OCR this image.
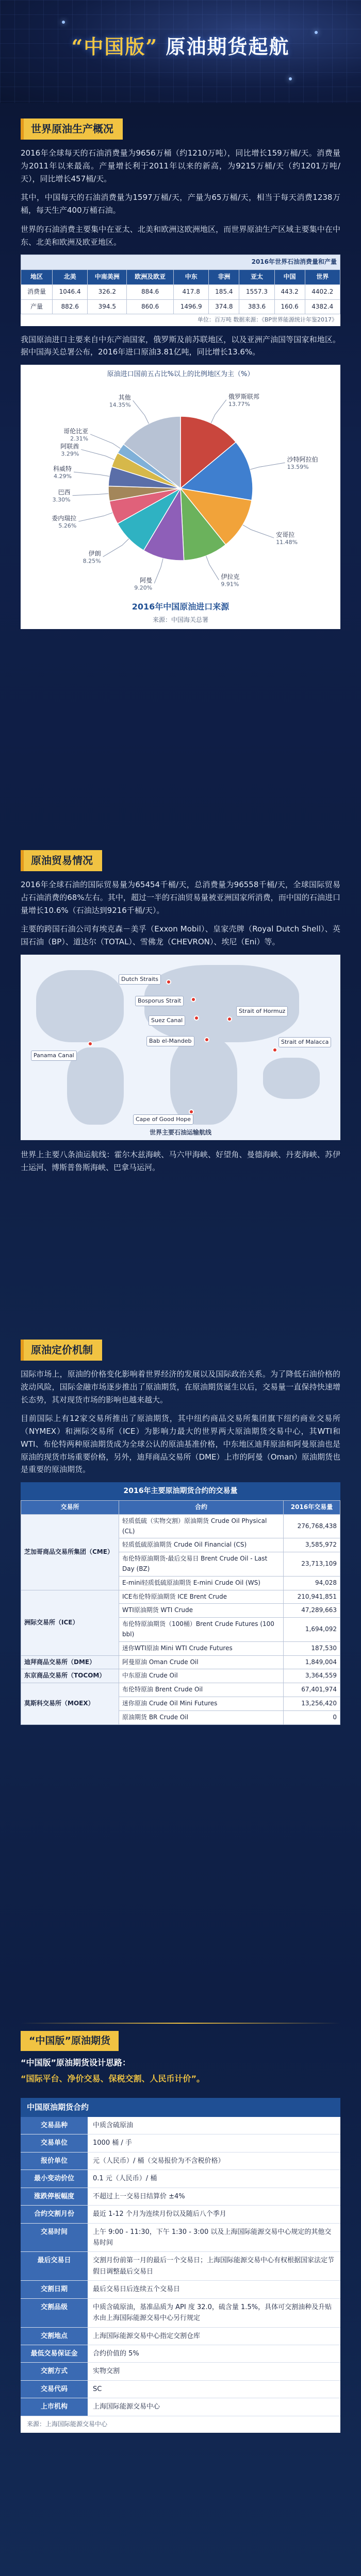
“中国版” 原油期货起航
世界原油生产概况

2016年全球每天的石油消费量为9656万桶（约1210万吨），同比增长159万桶/天。消费量为2011年以来最高。产量增长利于2011年以来的新高，为9215万桶/天（约1201万吨/天），同比增长457桶/天。

其中，中国每天的石油消费量为1597万桶/天，产量为65万桶/天，相当于每天消费1238万桶，每天生产400万桶石油。

世界的石油消费主要集中在亚太、北美和欧洲这欧洲地区，而世界原油生产区域主要集中在中东、北美和欧洲及欧亚地区。

2016年世界石油消费量和产量								
地区	北美	中南美洲	欧洲及欧亚	中东	非洲	亚太	中国	世界
消费量	1046.4	326.2	884.6	417.8	185.4	1557.3	443.2	4402.2
产量	882.6	394.5	860.6	1496.9	374.8	383.6	160.6	4382.4
单位：百万吨 数据来源：《BP世界能源统计年鉴2017》

我国原油进口主要来自中东产油国家，俄罗斯及前苏联地区，以及亚洲产油国等国家和地区。据中国海关总署公布，2016年进口原油3.81亿吨，同比增长13.6%。

原油进口国前五占比%以上的比例地区为主（%）
俄罗斯联邦
13.77%
沙特阿拉伯
13.59%
安哥拉
11.48%
伊拉克
9.91%
阿曼
9.20%
伊朗
8.25%
委内瑞拉
5.26%
巴西
3.30%
科威特
4.29%
阿联酋
3.29%
哥伦比亚
2.31%
其他
14.35%
2016年中国原油进口来源
来源：中国海关总署
原油贸易情况

2016年全球石油的国际贸易量为65454千桶/天，总消费量为96558千桶/天，全球国际贸易占石油消费的68%左右。其中，超过一半的石油贸易量被亚洲国家所消费，而中国的石油进口量增长10.6%（石油达到9216千桶/天）。

主要的跨国石油公司有埃克森－美孚（Exxon Mobil）、皇家壳牌（Royal Dutch Shell）、英国石油（BP）、道达尔（TOTAL）、雪佛龙（CHEVRON）、埃尼（Eni）等。

Dutch Straits
Bosporus Strait
Suez Canal
Bab el-Mandeb
Strait of Hormuz
Panama Canal
Strait of Malacca
Cape of Good Hope
世界主要石油运输航线

世界上主要八条油运航线：霍尔木兹海峡、马六甲海峡、好望角、曼德海峡、丹麦海峡、苏伊士运河、博斯普鲁斯海峡、巴拿马运河。

原油定价机制

国际市场上，原油的价格变化影响着世界经济的发展以及国际政治关系。为了降低石油价格的波动风险，国际金融市场逐步推出了原油期货，在原油期货诞生以后，交易量一直保持快速增长态势，其对现货市场的影响也越来越大。

目前国际上有12家交易所推出了原油期货，其中纽约商品交易所集团旗下纽约商业交易所（NYMEX）和洲际交易所（ICE）为影响力最大的世界两大原油期货交易中心，其WTI和WTI、布伦特两种原油期货成为全球公认的原油基准价格，中东地区迪拜原油和阿曼原油也是原油的现货市场重要价格，另外，迪拜商品交易所（DME）上市的阿曼（Oman）原油期货也是重要的原油期货。

2016年主要原油期货合约的交易量
交易所	合约	2016年交易量
芝加哥商品交易所集团（CME）	轻质低硫（实物交割）原油期货 Crude Oil Physical (CL)	276,768,438
	轻质低硫原油期货 Crude Oil Financial (CS)	3,585,972
	布伦特原油期货-最后交易日 Brent Crude Oil - Last Day (BZ)	23,713,109
	E-mini轻质低硫原油期货 E-mini Crude Oil (WS)	94,028
洲际交易所（ICE）	ICE布伦特原油期货 ICE Brent Crude	210,941,851
	WTI原油期货 WTI Crude	47,289,663
	布伦特原油期货（100桶）Brent Crude Futures (100 bbl)	1,694,092
	迷你WTI原油 Mini WTI Crude Futures	187,530
迪拜商品交易所（DME）	阿曼原油 Oman Crude Oil	1,849,004
东京商品交易所（TOCOM）	中东原油 Crude Oil	3,364,559
莫斯科交易所（MOEX）	布伦特原油 Brent Crude Oil	67,401,974
	迷你原油 Crude Oil Mini Futures	13,256,420
	原油期货 BR Crude Oil	0
“中国版”原油期货
“中国版”原油期货设计思路：
“国际平台、净价交易、保税交割、人民币计价”。
中国原油期货合约
交易品种	中质含硫原油
交易单位	1000 桶 / 手
报价单位	元（人民币）/ 桶（交易报价为不含税价格）
最小变动价位	0.1 元（人民币）/ 桶
涨跌停板幅度	不超过上一交易日结算价 ±4%
合约交割月份	最近 1-12 个月为连续月份以及随后八个季月
交易时间	上午 9:00 - 11:30，下午 1:30 - 3:00 以及上海国际能源交易中心规定的其他交易时间
最后交易日	交割月份前第一月的最后一个交易日；上海国际能源交易中心有权根据国家法定节假日调整最后交易日
交割日期	最后交易日后连续五个交易日
交割品级	中质含硫原油，基准品质为 API 度 32.0，硫含量 1.5%，具体可交割油种及升贴水由上海国际能源交易中心另行规定
交割地点	上海国际能源交易中心指定交割仓库
最低交易保证金	合约价值的 5%
交割方式	实物交割
交易代码	SC
上市机构	上海国际能源交易中心
来源：上海国际能源交易中心
